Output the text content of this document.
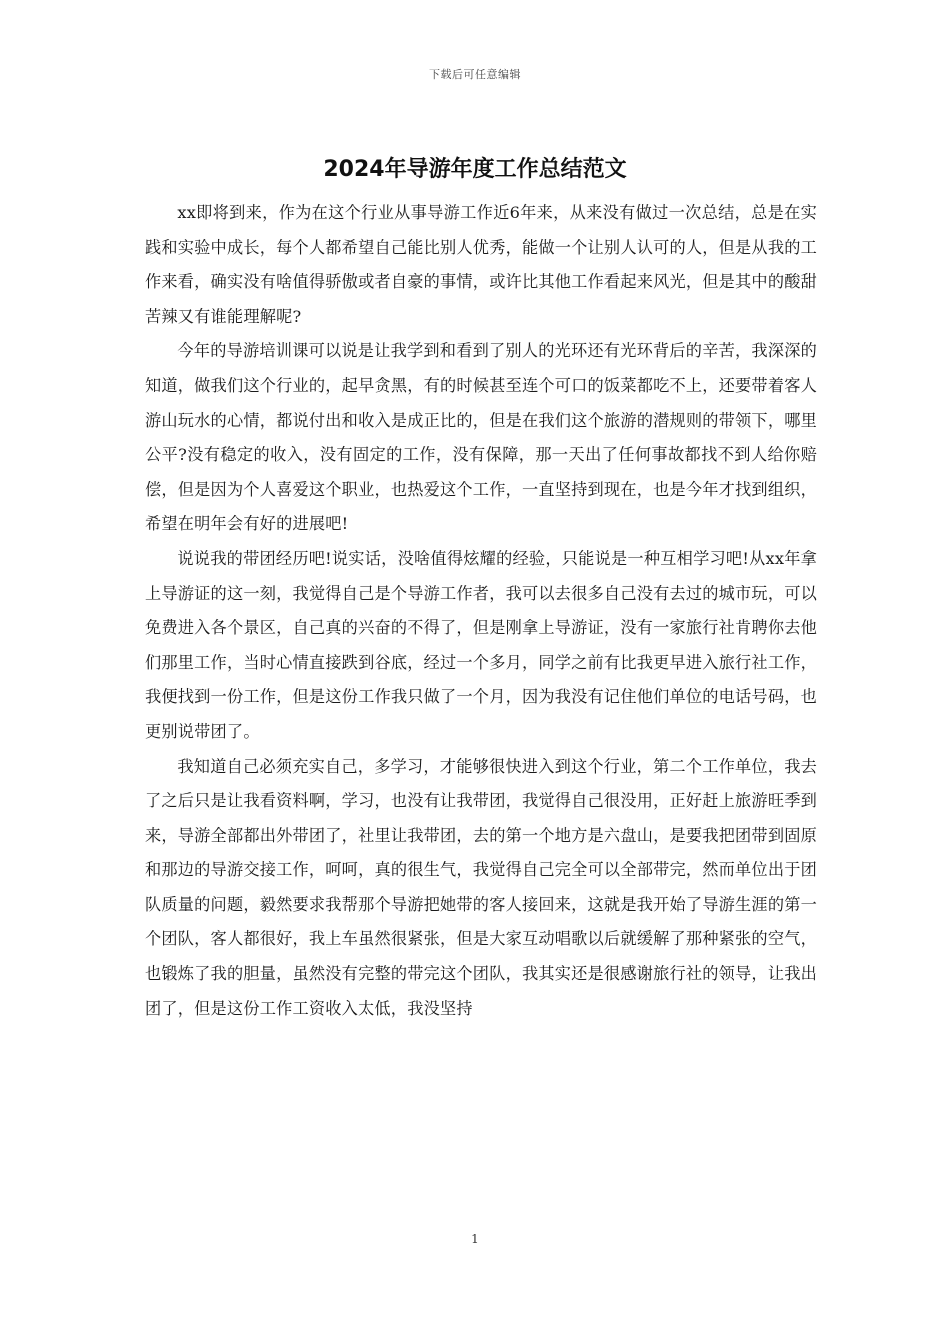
下载后可任意编辑
2024年导游年度工作总结范文

xx即将到来，作为在这个行业从事导游工作近6年来，从来没有做过一次总结，总是在实践和实验中成长，每个人都希望自己能比别人优秀，能做一个让别人认可的人，但是从我的工作来看，确实没有啥值得骄傲或者自豪的事情，或许比其他工作看起来风光，但是其中的酸甜苦辣又有谁能理解呢?

今年的导游培训课可以说是让我学到和看到了别人的光环还有光环背后的辛苦，我深深的知道，做我们这个行业的，起早贪黑，有的时候甚至连个可口的饭菜都吃不上，还要带着客人游山玩水的心情，都说付出和收入是成正比的，但是在我们这个旅游的潜规则的带领下，哪里公平?没有稳定的收入，没有固定的工作，没有保障，那一天出了任何事故都找不到人给你赔偿，但是因为个人喜爱这个职业，也热爱这个工作，一直坚持到现在，也是今年才找到组织，希望在明年会有好的进展吧!

说说我的带团经历吧!说实话，没啥值得炫耀的经验，只能说是一种互相学习吧!从xx年拿上导游证的这一刻，我觉得自己是个导游工作者，我可以去很多自己没有去过的城市玩，可以免费进入各个景区，自己真的兴奋的不得了，但是刚拿上导游证，没有一家旅行社肯聘你去他们那里工作，当时心情直接跌到谷底，经过一个多月，同学之前有比我更早进入旅行社工作，我便找到一份工作，但是这份工作我只做了一个月，因为我没有记住他们单位的电话号码，也更别说带团了。

我知道自己必须充实自己，多学习，才能够很快进入到这个行业，第二个工作单位，我去了之后只是让我看资料啊，学习，也没有让我带团，我觉得自己很没用，正好赶上旅游旺季到来，导游全部都出外带团了，社里让我带团，去的第一个地方是六盘山，是要我把团带到固原和那边的导游交接工作，呵呵，真的很生气，我觉得自己完全可以全部带完，然而单位出于团队质量的问题，毅然要求我帮那个导游把她带的客人接回来，这就是我开始了导游生涯的第一个团队，客人都很好，我上车虽然很紧张，但是大家互动唱歌以后就缓解了那种紧张的空气，也锻炼了我的胆量，虽然没有完整的带完这个团队，我其实还是很感谢旅行社的领导，让我出团了，但是这份工作工资收入太低，我没坚持

1
